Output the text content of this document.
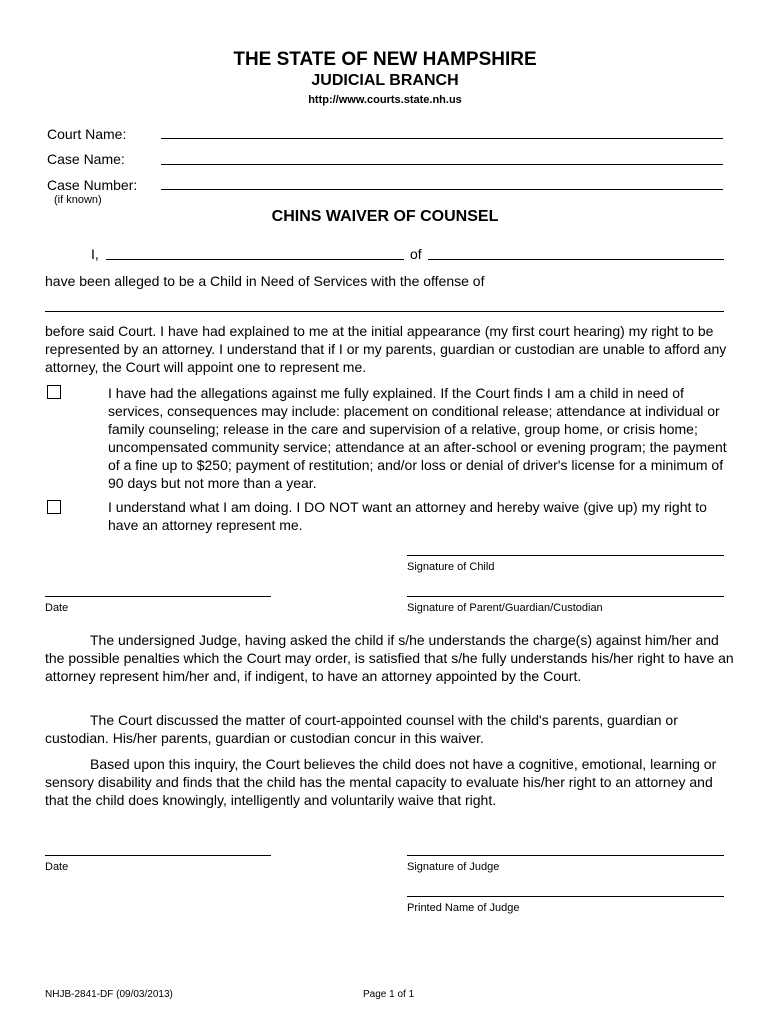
THE STATE OF NEW HAMPSHIRE
JUDICIAL BRANCH
http://www.courts.state.nh.us
Court Name:
Case Name:
Case Number:
(if known)
CHINS WAIVER OF COUNSEL
I,	of
have been alleged to be a Child in Need of Services with the offense of
before said Court. I have had explained to me at the initial appearance (my first court hearing) my right to be represented by an attorney. I understand that if I or my parents, guardian or custodian are unable to afford any attorney, the Court will appoint one to represent me.
I have had the allegations against me fully explained. If the Court finds I am a child in need of services, consequences may include: placement on conditional release; attendance at individual or family counseling; release in the care and supervision of a relative, group home, or crisis home; uncompensated community service; attendance at an after-school or evening program; the payment of a fine up to $250; payment of restitution; and/or loss or denial of driver's license for a minimum of 90 days but not more than a year.
I understand what I am doing. I DO NOT want an attorney and hereby waive (give up) my right to have an attorney represent me.
Signature of Child
Date	Signature of Parent/Guardian/Custodian
The undersigned Judge, having asked the child if s/he understands the charge(s) against him/her and the possible penalties which the Court may order, is satisfied that s/he fully understands his/her right to have an attorney represent him/her and, if indigent, to have an attorney appointed by the Court.
The Court discussed the matter of court-appointed counsel with the child's parents, guardian or custodian. His/her parents, guardian or custodian concur in this waiver.
Based upon this inquiry, the Court believes the child does not have a cognitive, emotional, learning or sensory disability and finds that the child has the mental capacity to evaluate his/her right to an attorney and that the child does knowingly, intelligently and voluntarily waive that right.
Date	Signature of Judge
Printed Name of Judge
NHJB-2841-DF (09/03/2013)	Page 1 of 1
